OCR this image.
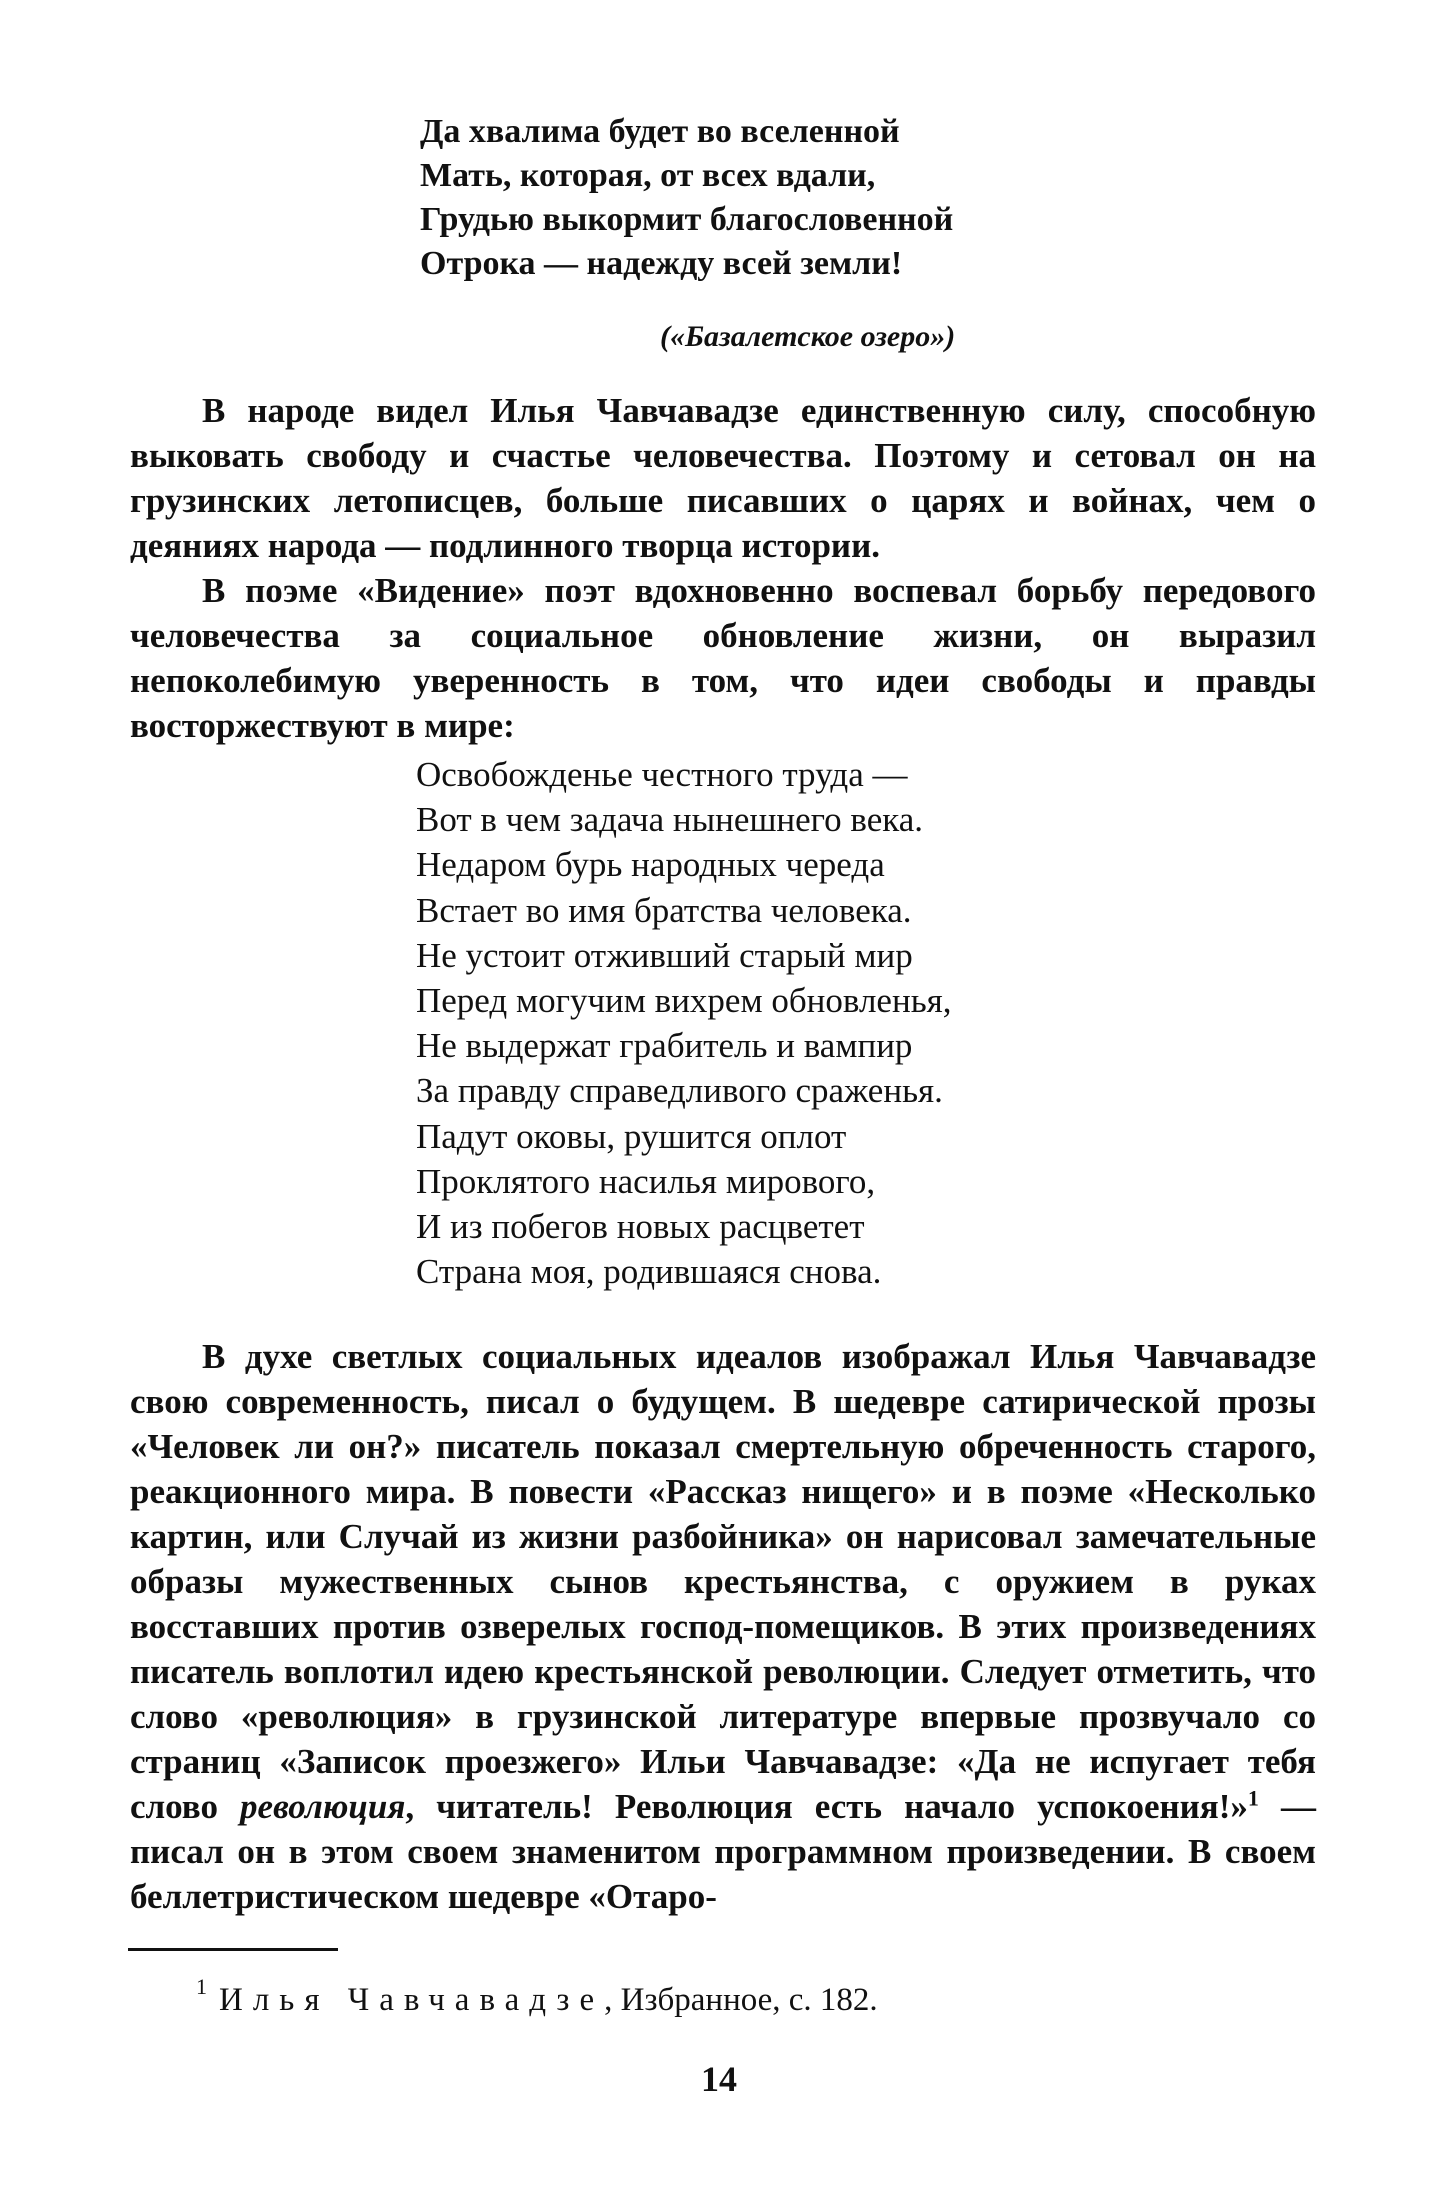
Да хвалима будет во вселенной
Мать, которая, от всех вдали,
Грудью выкормит благословенной
Отрока — надежду всей земли!
(«Базалетское озеро»)

В народе видел Илья Чавчавадзе единственную силу, способную выковать свободу и счастье человечества. Поэтому и сетовал он на грузинских летописцев, больше писавших о царях и войнах, чем о деяниях народа — подлинного творца истории.

В поэме «Видение» поэт вдохновенно воспевал борьбу передового человечества за социальное обновление жизни, он выразил непоколебимую уверенность в том, что идеи свободы и правды восторжествуют в мире:

Освобожденье честного труда —
Вот в чем задача нынешнего века.
Недаром бурь народных череда
Встает во имя братства человека.
Не устоит отживший старый мир
Перед могучим вихрем обновленья,
Не выдержат грабитель и вампир
За правду справедливого сраженья.
Падут оковы, рушится оплот
Проклятого насилья мирового,
И из побегов новых расцветет
Страна моя, родившаяся снова.

В духе светлых социальных идеалов изображал Илья Чавчавадзе свою современность, писал о будущем. В шедевре сатирической прозы «Человек ли он?» писатель показал смертельную обреченность старого, реакционного мира. В повести «Рассказ нищего» и в поэме «Несколько картин, или Случай из жизни разбойника» он нарисовал замечательные образы мужественных сынов крестьянства, с оружием в руках восставших против озверелых господ-помещиков. В этих произведениях писатель воплотил идею крестьянской революции. Следует отметить, что слово «революция» в грузинской литературе впервые прозвучало со страниц «Записок проезжего» Ильи Чавчавадзе: «Да не испугает тебя слово революция, читатель! Революция есть начало успокоения!»$^1$ — писал он в этом своем знаменитом программном произведении. В своем беллетристическом шедевре «Отаро-

$^1$ Илья Чавчавадзе, Избранное, с. 182.
14
